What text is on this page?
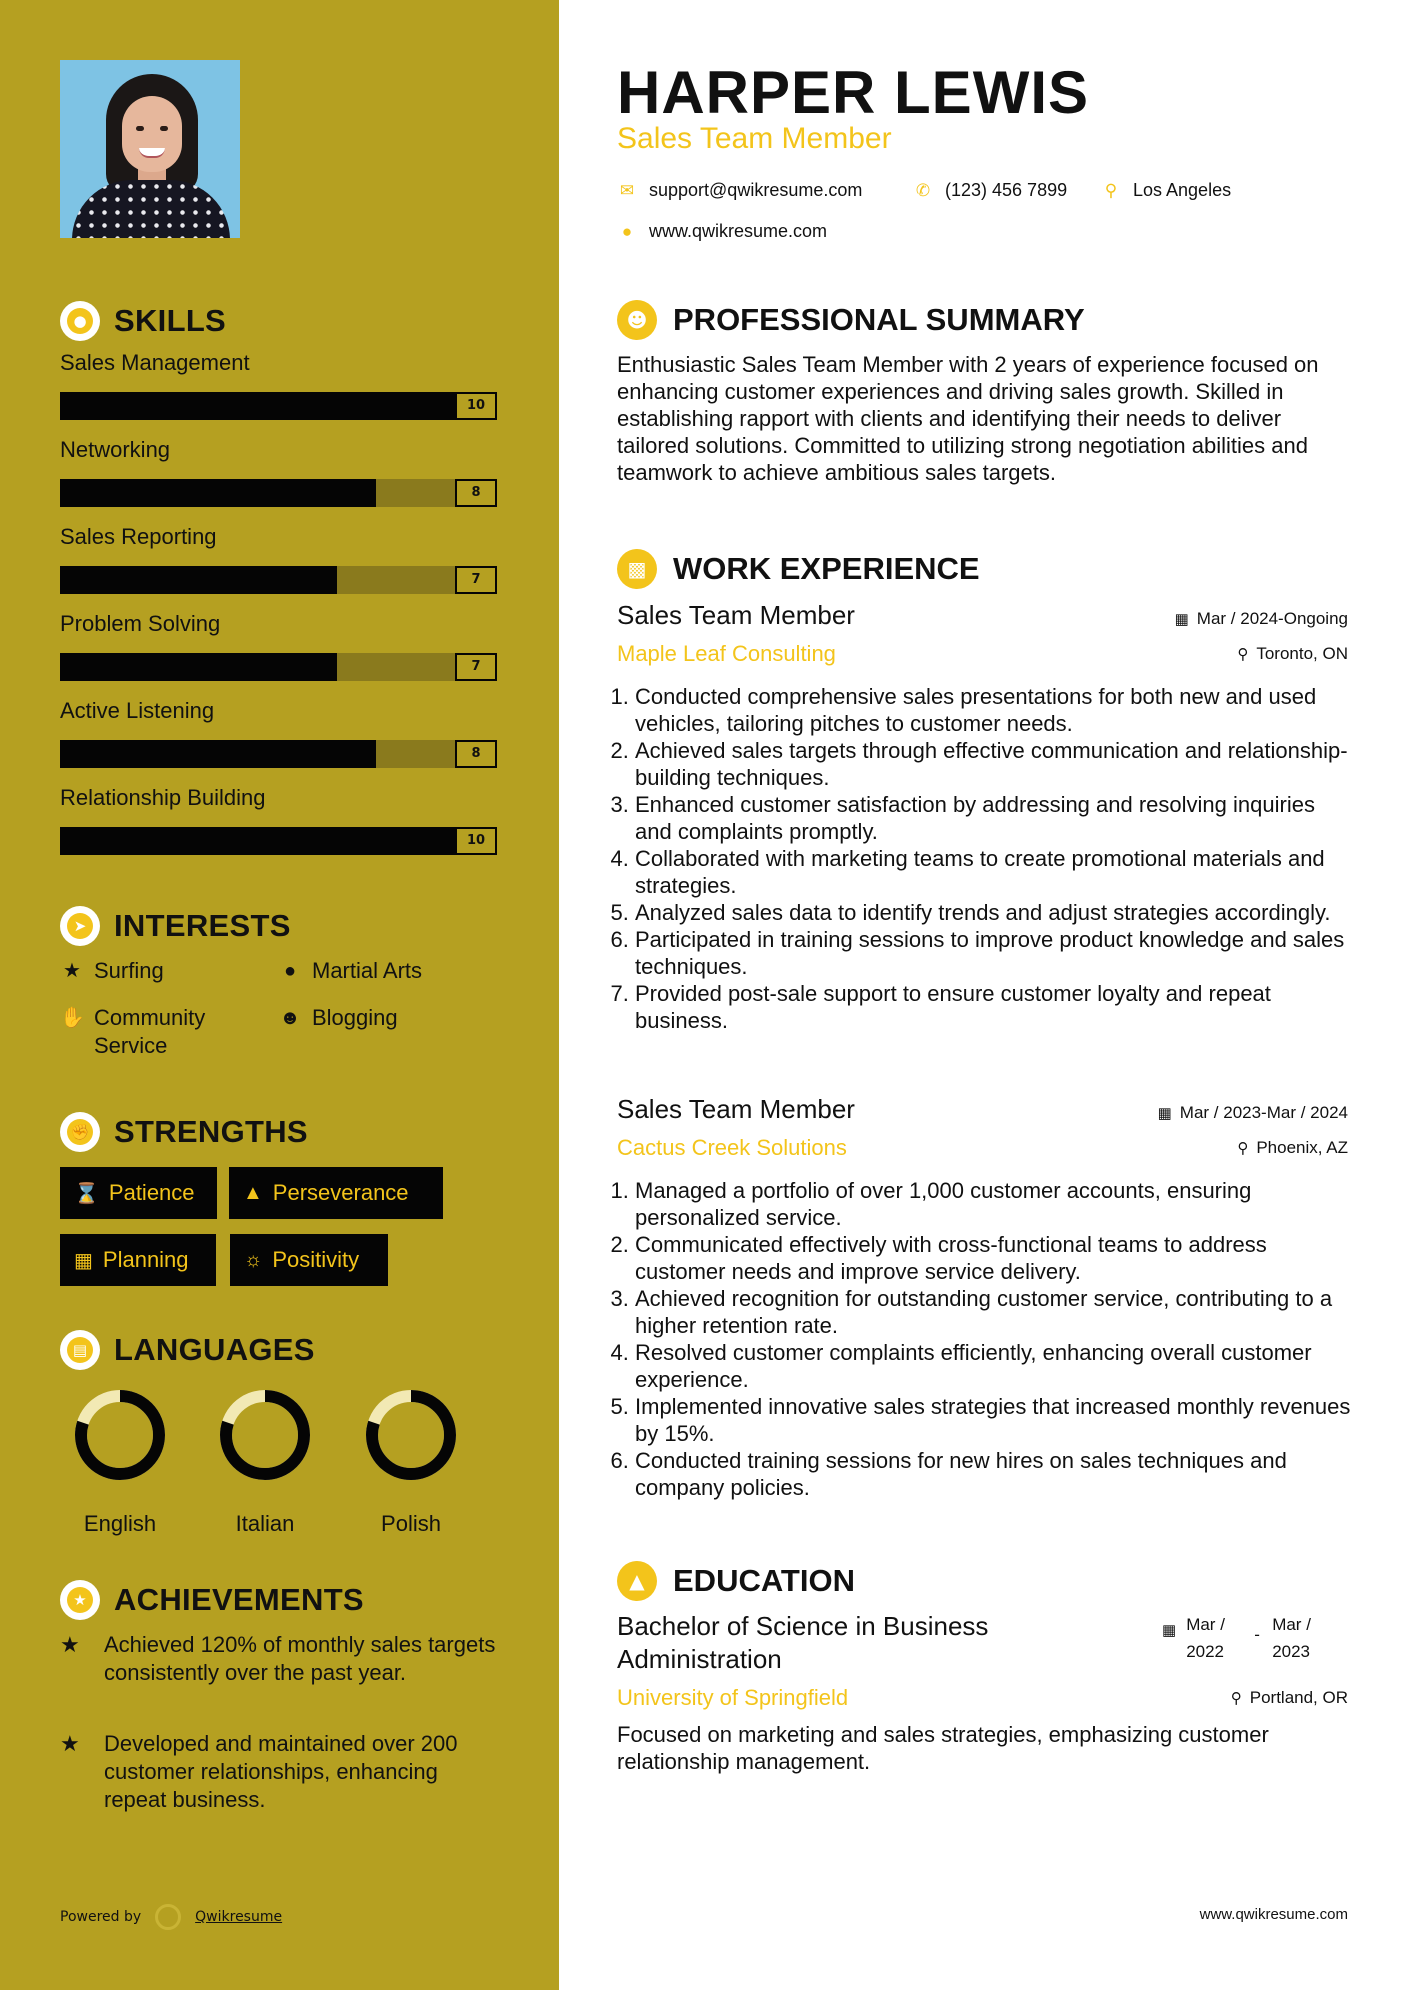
● SKILLS
Sales Management
10
Networking
8
Sales Reporting
7
Problem Solving
7
Active Listening
8
Relationship Building
10
➤ INTERESTS
★ Surfing	● Martial Arts
✋ Community Service
☻ Blogging
✊ STRENGTHS
⌛ Patience ▲ Perseverance
▦ Planning	☼ Positivity
▤ LANGUAGES
English	Italian	Polish
★ ACHIEVEMENTS
★	Achieved 120% of monthly sales targets consistently over the past year.
★	Developed and maintained over 200 customer relationships, enhancing repeat business.
Powered by	Qwikresume
HARPER LEWIS
Sales Team Member
✉ support@qwikresume.com	✆ (123) 456 7899 ⚲ Los Angeles
● www.qwikresume.com
☻ PROFESSIONAL SUMMARY
Enthusiastic Sales Team Member with 2 years of experience focused on enhancing customer experiences and driving sales growth. Skilled in establishing rapport with clients and identifying their needs to deliver tailored solutions. Committed to utilizing strong negotiation abilities and teamwork to achieve ambitious sales targets.
▩ WORK EXPERIENCE
Sales Team Member	▦ Mar / 2024-Ongoing
Maple Leaf Consulting	⚲ Toronto, ON
1. Conducted comprehensive sales presentations for both new and used vehicles, tailoring pitches to customer needs.
2. Achieved sales targets through effective communication and relationship-building techniques.
3. Enhanced customer satisfaction by addressing and resolving inquiries and complaints promptly.
4. Collaborated with marketing teams to create promotional materials and strategies.
5. Analyzed sales data to identify trends and adjust strategies accordingly.
6. Participated in training sessions to improve product knowledge and sales techniques.
7. Provided post-sale support to ensure customer loyalty and repeat business.
Sales Team Member	▦ Mar / 2023-Mar / 2024
Cactus Creek Solutions	⚲ Phoenix, AZ
1. Managed a portfolio of over 1,000 customer accounts, ensuring personalized service.
2. Communicated effectively with cross-functional teams to address customer needs and improve service delivery.
3. Achieved recognition for outstanding customer service, contributing to a higher retention rate.
4. Resolved customer complaints efficiently, enhancing overall customer experience.
5. Implemented innovative sales strategies that increased monthly revenues by 15%.
6. Conducted training sessions for new hires on sales techniques and company policies.
▲ EDUCATION
Bachelor of Science in Business Administration
▦ Mar /
2022
-
Mar /
2023
University of Springfield	⚲ Portland, OR
Focused on marketing and sales strategies, emphasizing customer relationship management.
www.qwikresume.com
